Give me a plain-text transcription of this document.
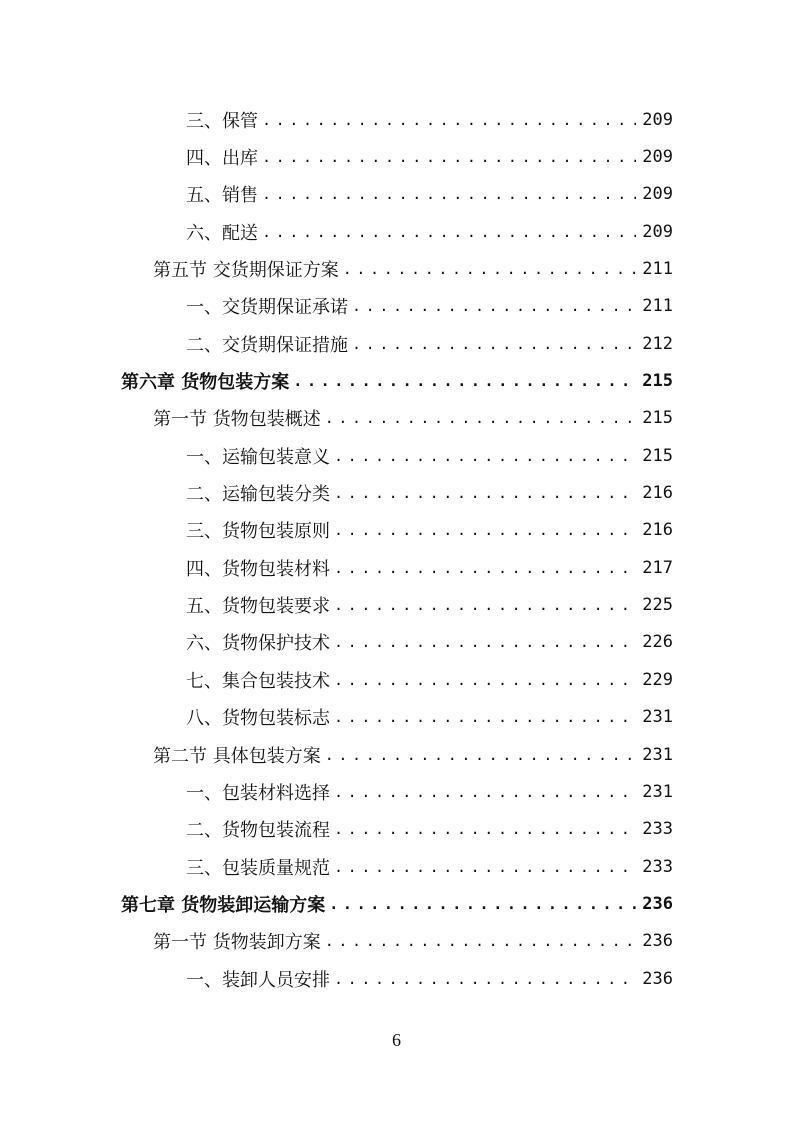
三、保管 . . .	209
四、出库 . . .	209
五、销售 . . .	209
六、配送 . . .	209
第五节 交货期保证方案 . . .	211
一、交货期保证承诺 . . .	211
二、交货期保证措施 . . .	212
第六章 货物包装方案 . . .	215
第一节 货物包装概述 . . .	215
一、运输包装意义 . . .	215
二、运输包装分类 . . .	216
三、货物包装原则 . . .	216
四、货物包装材料 . . .	217
五、货物包装要求 . . .	225
六、货物保护技术 . . .	226
七、集合包装技术 . . .	229
八、货物包装标志 . . .	231
第二节 具体包装方案 . . .	231
一、包装材料选择 . . .	231
二、货物包装流程 . . .	233
三、包装质量规范 . . .	233
第七章 货物装卸运输方案 . . .	236
第一节 货物装卸方案 . . .	236
一、装卸人员安排 . . .	236
6
